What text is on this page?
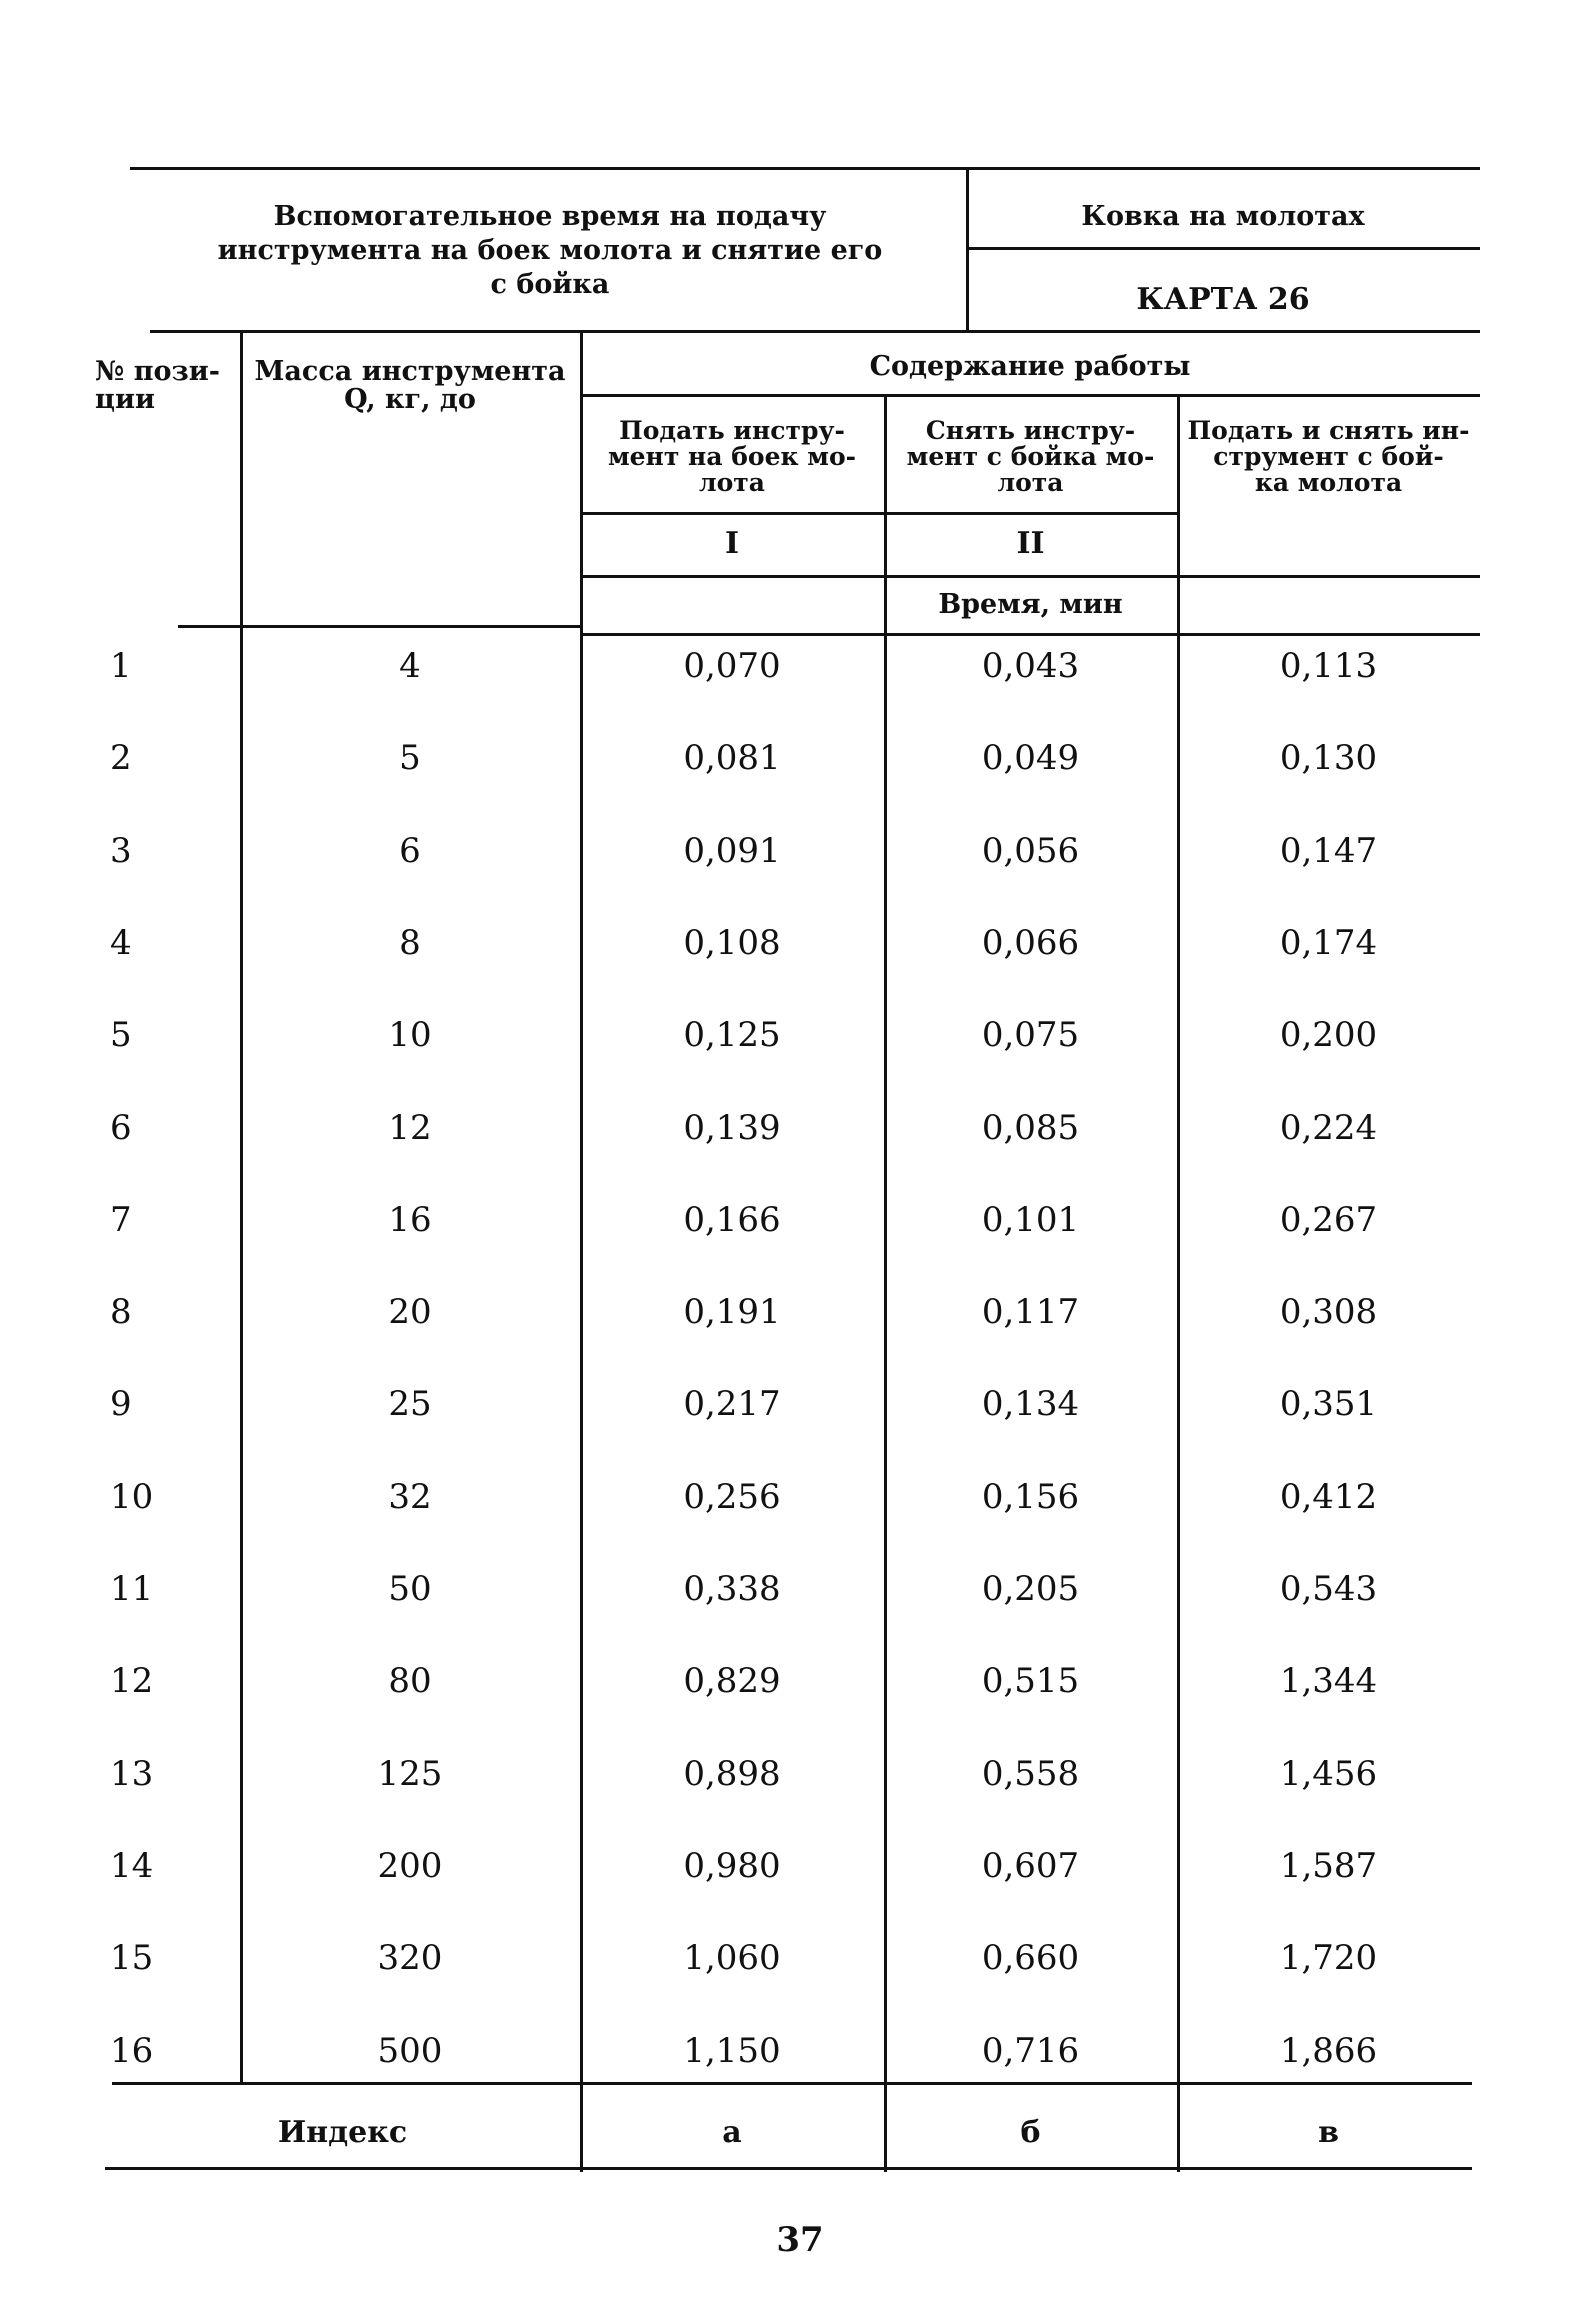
Вспомогательное время на подачу
инструмента на боек молота и снятие его
с бойка
Ковка на молотах
КАРТА 26
№ пози-
ции
Масса инструмента
Q, кг, до
Содержание работы
Подать инстру-
мент на боек мо-
лота
Снять инстру-
мент с бойка мо-
лота
Подать и снять ин-
струмент с бой-
ка молота
I	II
Время, мин
1	4	0,070	0,043	0,113
2	5	0,081	0,049	0,130
3	6	0,091	0,056	0,147
4	8	0,108	0,066	0,174
5	10	0,125	0,075	0,200
6	12	0,139	0,085	0,224
7	16	0,166	0,101	0,267
8	20	0,191	0,117	0,308
9	25	0,217	0,134	0,351
10	32	0,256	0,156	0,412
11	50	0,338	0,205	0,543
12	80	0,829	0,515	1,344
13	125	0,898	0,558	1,456
14	200	0,980	0,607	1,587
15	320	1,060	0,660	1,720
16	500	1,150	0,716	1,866
Индекс	а	б	в
37
